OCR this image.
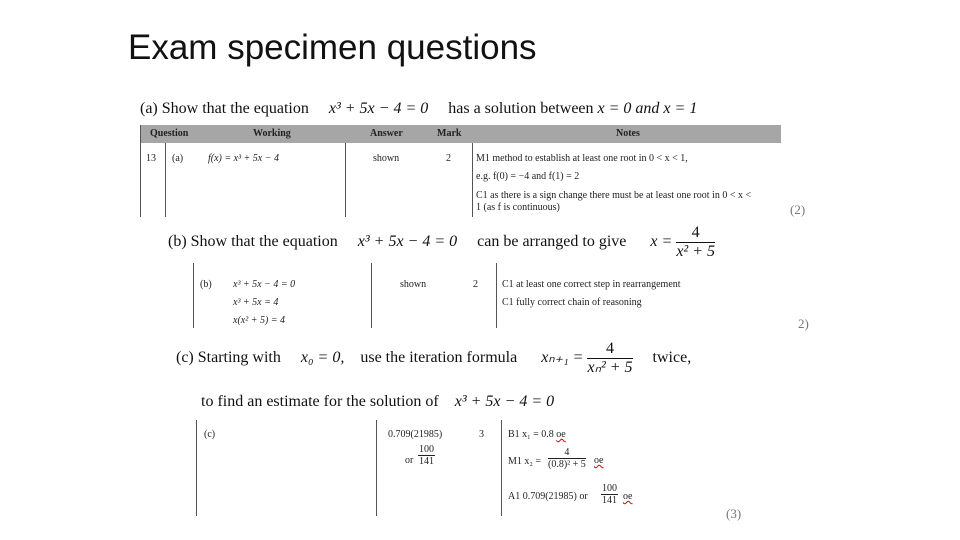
Exam specimen questions
(a) Show that the equation x³ + 5x − 4 = 0 has a solution between x = 0 and x = 1
Question	Working	Answer	Mark	Notes
13 (a) f(x) = x³ + 5x − 4	shown	2	M1 method to establish at least one root in 0 < x < 1,
e.g. f(0) = −4 and f(1) = 2
C1 as there is a sign change there must be at least one root in 0 < x <
1 (as f is continuous)	(2)
(b) Show that the equation x³ + 5x − 4 = 0 can be arranged to give $x = \frac{4}{\text{x² + 5}}$
(b) x³ + 5x − 4 = 0
x³ + 5x = 4
x(x² + 5) = 4
shown	2 C1 at least one correct step in rearrangement
C1 fully correct chain of reasoning
2)
(c) Starting with x₀ = 0, use the iteration formula $x_{n+1} = \frac{4}{\text{xₙ² + 5}}$ twice,
to find an estimate for the solution of x³ + 5x − 4 = 0
(c)	0.709(21985)
or $\frac{100}{141}$
3 B1 x₁ = 0.8 oe
M1 $x_2 = \frac{4}{\text{(0.8)² + 5}}$ oe
A1 0.709(21985) or $\frac{100}{141}$ oe
(3)
